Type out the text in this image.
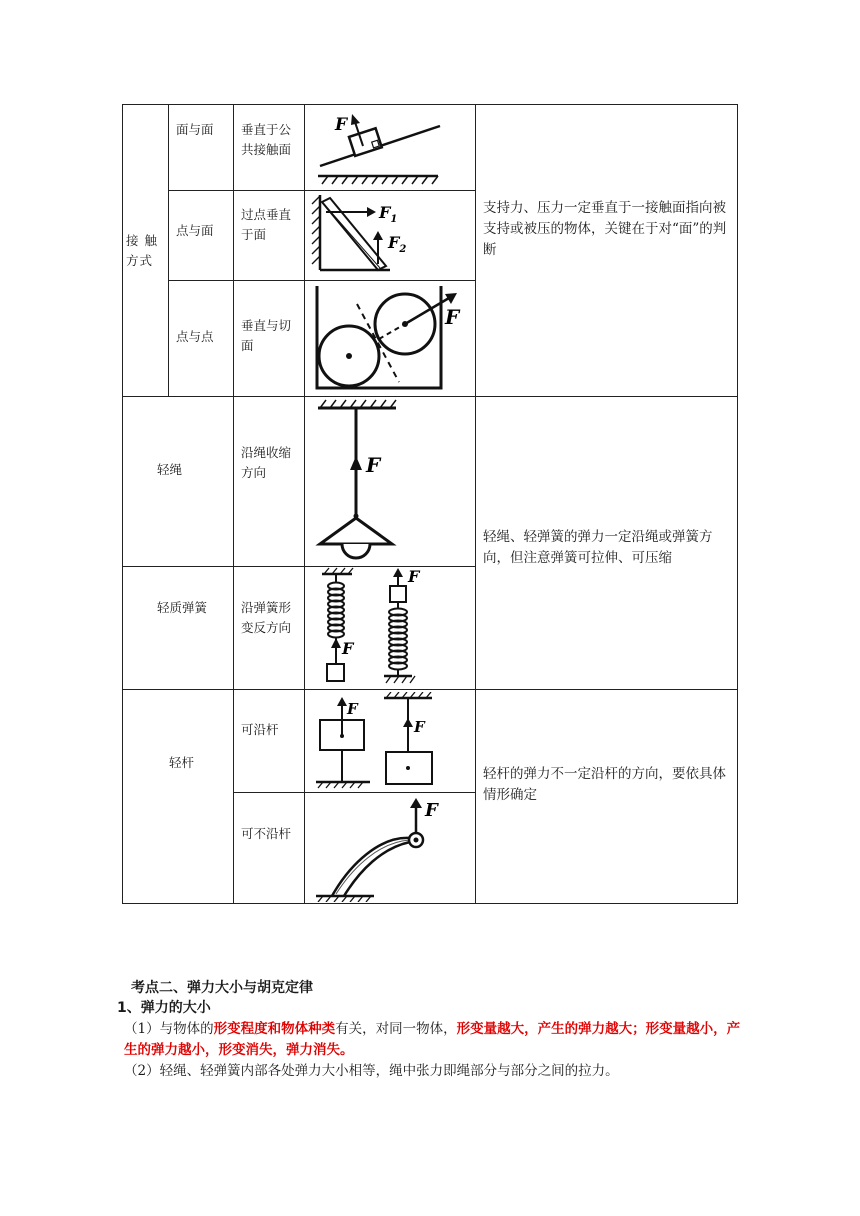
接 触
方式
面与面
点与面
点与点
轻绳
轻质弹簧
轻杆
垂直于公
共接触面
过点垂直
于面
垂直与切
面
沿绳收缩
方向
沿弹簧形
变反方向
可沿杆
可不沿杆
支持力、压力一定垂直于一接触面指向被支持或被压的物体，关键在于对“面”的判断
轻绳、轻弹簧的弹力一定沿绳或弹簧方向，但注意弹簧可拉伸、可压缩
轻杆的弹力不一定沿杆的方向，要依具体情形确定
F
$F_1$
$F_2$
F
F
F
F
F
F
F
考点二、弹力大小与胡克定律
1、弹力的大小
（1）与物体的形变程度和物体种类有关，对同一物体，形变量越大，产生的弹力越大；形变量越小，产生的弹力越小，形变消失，弹力消失。
（2）轻绳、轻弹簧内部各处弹力大小相等，绳中张力即绳部分与部分之间的拉力。
